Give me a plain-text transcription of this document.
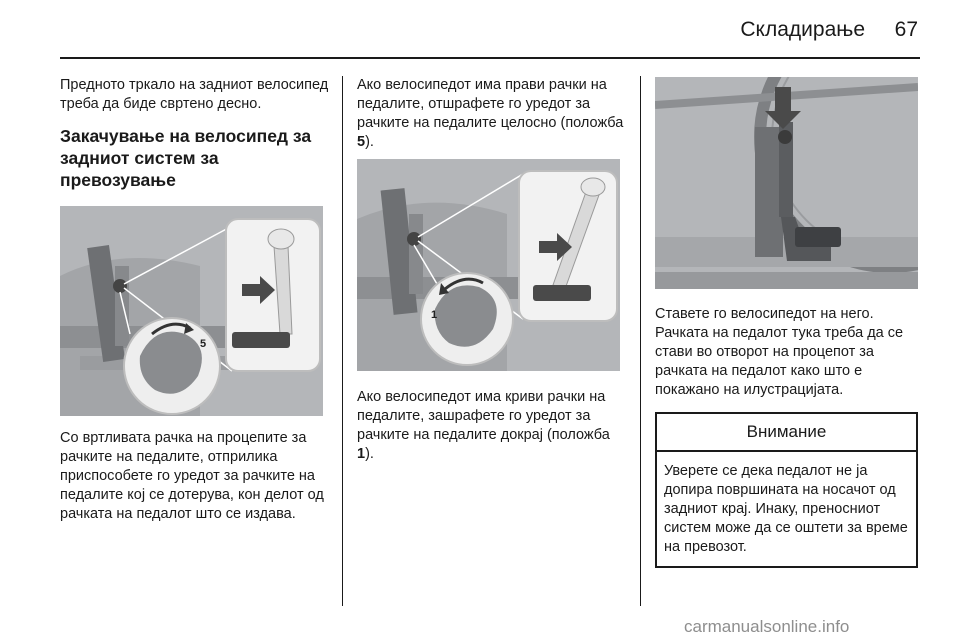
Складирање 67

Предното тркало на задниот велосипед треба да биде свртено десно.

Закачување на велосипед за задниот систем за превозување
5

Со вртливата рачка на процепите за рачките на педалите, отприлика приспособете го уредот за рачките на педалите кој се дотерува, кон делот од рачката на педалот што се издава.

Ако велосипедот има прави рачки на педалите, отшрафете го уредот за рачките на педалите целосно (положба 5).

1

Ако велосипедот има криви рачки на педалите, зашрафете го уредот за рачките на педалите докрај (положба 1).

Ставете го велосипедот на него. Рачката на педалот тука треба да се стави во отворот на процепот за рачката на педалот како што е покажано на илустрацијата.

Внимание
Уверете се дека педалот не ја допира површината на носачот од задниот крај. Инаку, преносниот систем може да се оштети за време на превозот.
carmanualsonline.info
